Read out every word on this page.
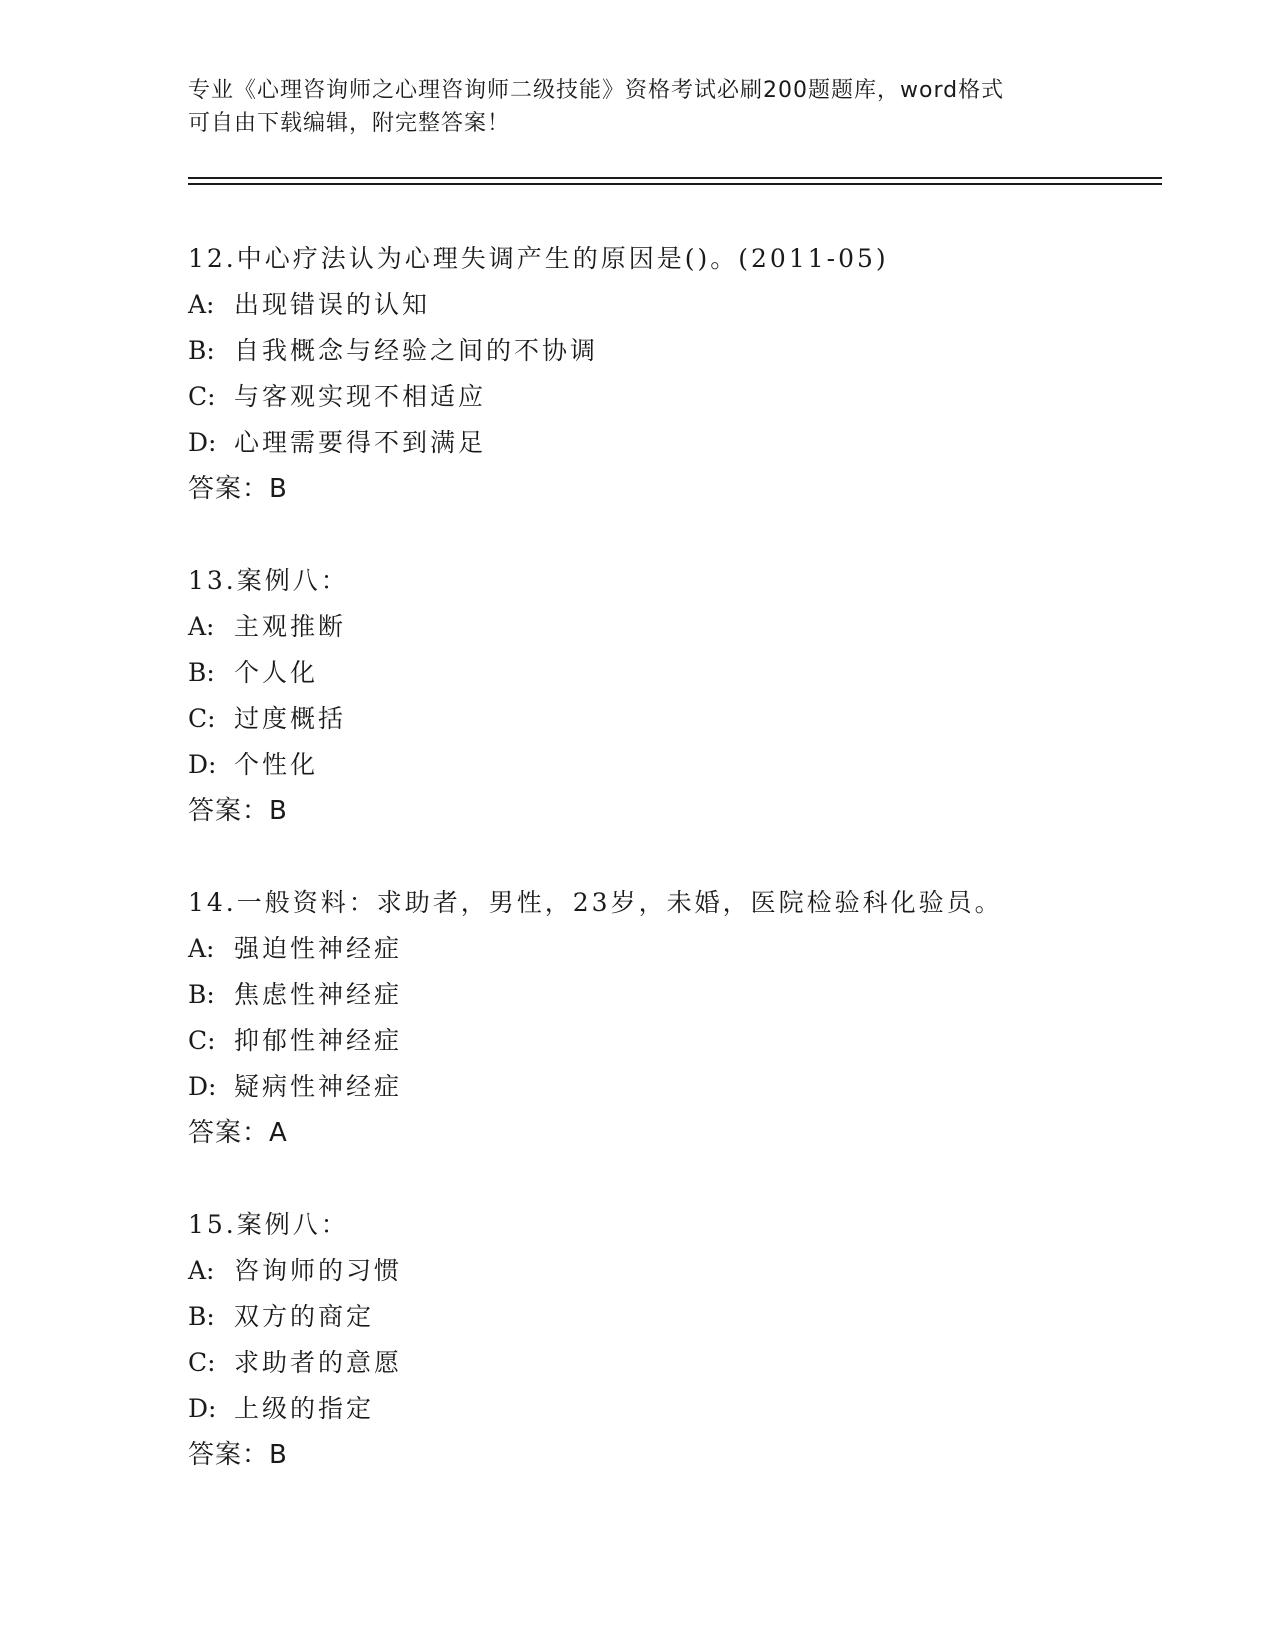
专业《心理咨询师之心理咨询师二级技能》资格考试必刷200题题库，word格式
可自由下载编辑，附完整答案！
12.中心疗法认为心理失调产生的原因是()。(2011-05)
A: 出现错误的认知
B: 自我概念与经验之间的不协调
C: 与客观实现不相适应
D: 心理需要得不到满足
答案：B
13.案例八：
A: 主观推断
B: 个人化
C: 过度概括
D: 个性化
答案：B
14.一般资料：求助者，男性，23岁，未婚，医院检验科化验员。
A: 强迫性神经症
B: 焦虑性神经症
C: 抑郁性神经症
D: 疑病性神经症
答案：A
15.案例八：
A: 咨询师的习惯
B: 双方的商定
C: 求助者的意愿
D: 上级的指定
答案：B
